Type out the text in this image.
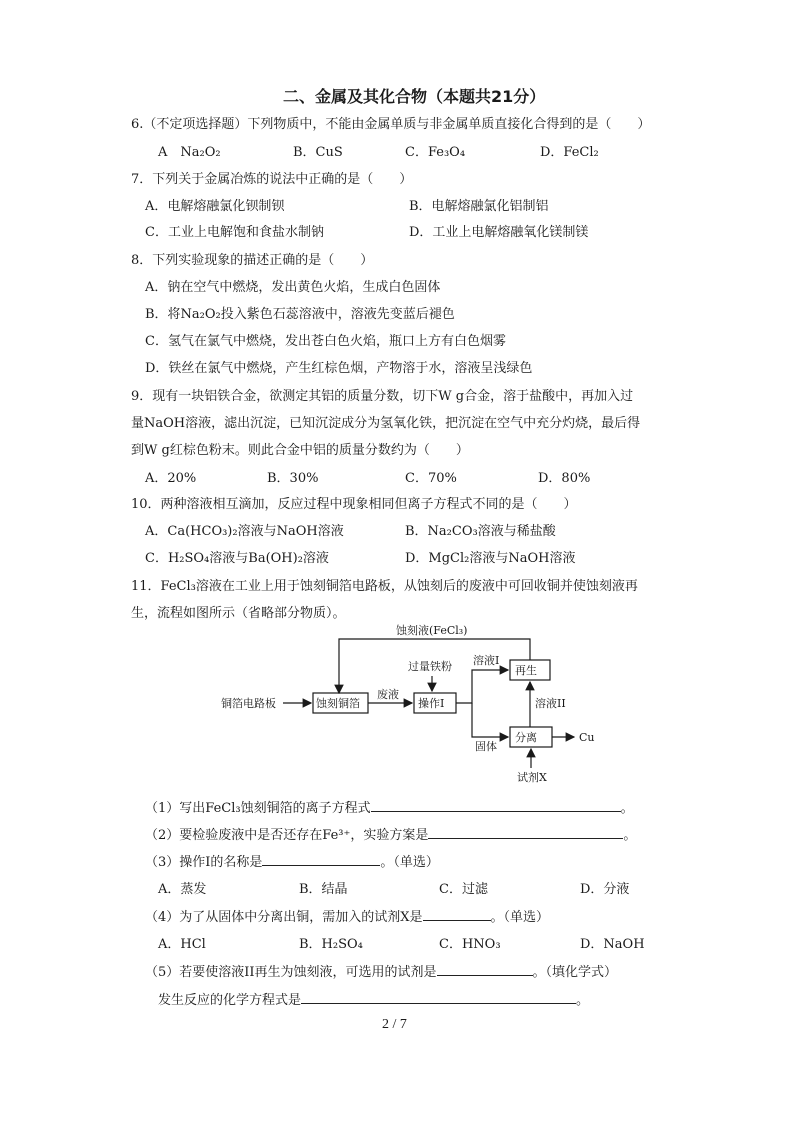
二、金属及其化合物（本题共21分）
6.（不定项选择题）下列物质中，不能由金属单质与非金属单质直接化合得到的是（　　）
A　Na₂O₂	B．CuS	C．Fe₃O₄	D．FeCl₂
7．下列关于金属冶炼的说法中正确的是（　　）
A．电解熔融氯化钡制钡	B．电解熔融氯化铝制铝
C．工业上电解饱和食盐水制钠	D．工业上电解熔融氧化镁制镁
8．下列实验现象的描述正确的是（　　）
A．钠在空气中燃烧，发出黄色火焰，生成白色固体
B．将Na₂O₂投入紫色石蕊溶液中，溶液先变蓝后褪色
C．氢气在氯气中燃烧，发出苍白色火焰，瓶口上方有白色烟雾
D．铁丝在氯气中燃烧，产生红棕色烟，产物溶于水，溶液呈浅绿色
9．现有一块铝铁合金，欲测定其铝的质量分数，切下W g合金，溶于盐酸中，再加入过
量NaOH溶液，滤出沉淀，已知沉淀成分为氢氧化铁，把沉淀在空气中充分灼烧，最后得
到W g红棕色粉末。则此合金中铝的质量分数约为（　　）
A．20%	B．30%	C．70%	D．80%
10．两种溶液相互滴加，反应过程中现象相同但离子方程式不同的是（　　）
A．Ca(HCO₃)₂溶液与NaOH溶液	B．Na₂CO₃溶液与稀盐酸
C．H₂SO₄溶液与Ba(OH)₂溶液	D．MgCl₂溶液与NaOH溶液
11．FeCl₃溶液在工业上用于蚀刻铜箔电路板，从蚀刻后的废液中可回收铜并使蚀刻液再
生，流程如图所示（省略部分物质）。
蚀刻液(FeCl₃)
铜箔电路板	蚀刻铜箔
废液
过量铁粉
操作I
溶液I
再生
溶液II
固体
分离	Cu
试剂X
（1）写出FeCl₃蚀刻铜箔的离子方程式	。
（2）要检验废液中是否还存在Fe³⁺，实验方案是	。
（3）操作I的名称是	。（单选）
A．蒸发	B．结晶	C．过滤	D．分液
（4）为了从固体中分离出铜，需加入的试剂X是	。（单选）
A．HCl	B．H₂SO₄	C．HNO₃	D．NaOH
（5）若要使溶液II再生为蚀刻液，可选用的试剂是	。（填化学式）
发生反应的化学方程式是	。
2 / 7
